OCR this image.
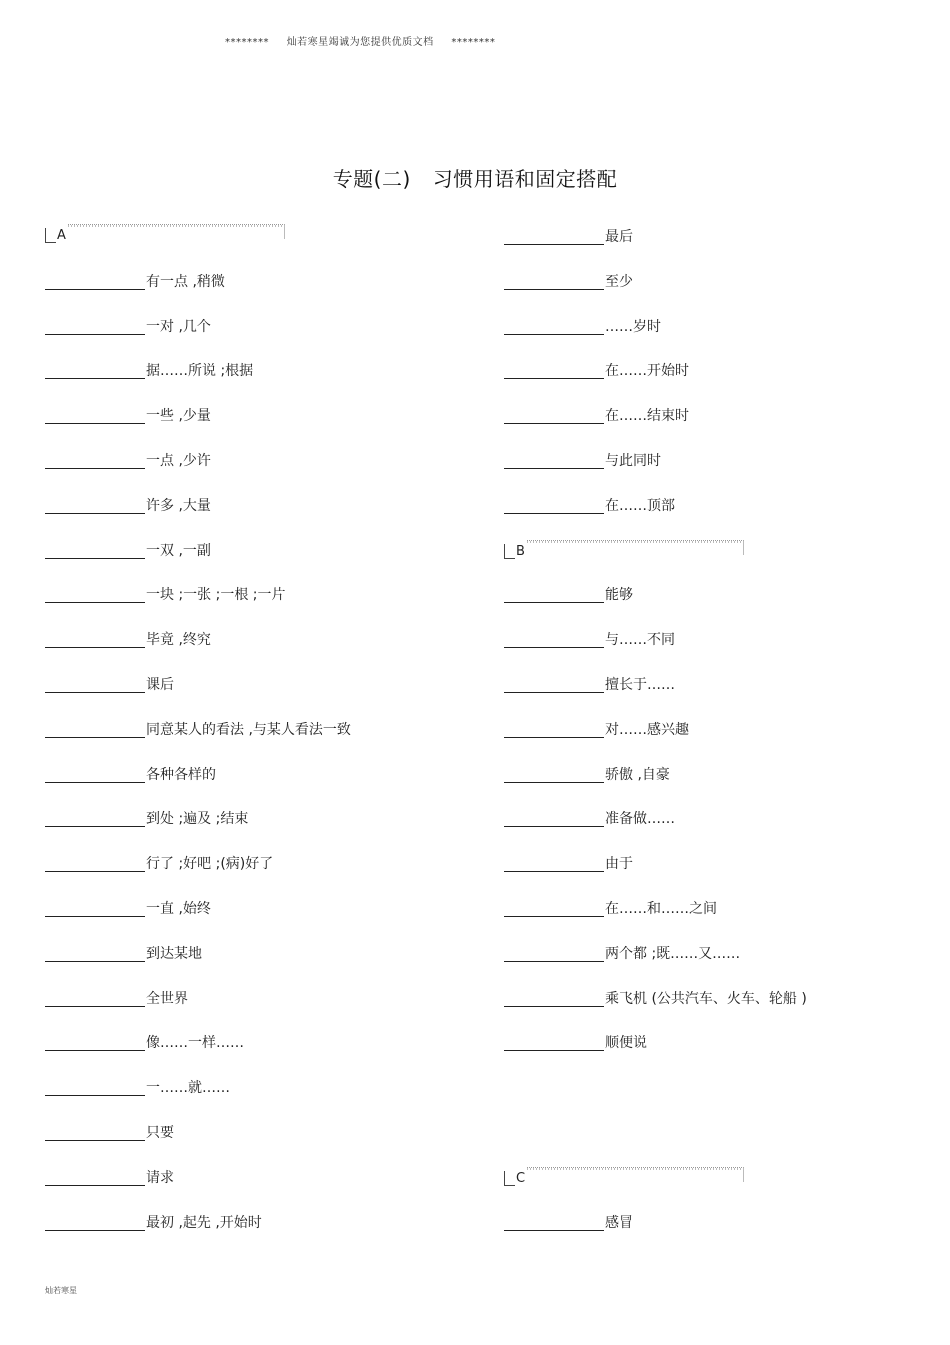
******** 灿若寒星竭诚为您提供优质文档 ********
专题(二) 习惯用语和固定搭配
A
有一点 ,稍微
一对 ,几个
据……所说 ;根据
一些 ,少量
一点 ,少许
许多 ,大量
一双 ,一副
一块 ;一张 ;一根 ;一片
毕竟 ,终究
课后
同意某人的看法 ,与某人看法一致
各种各样的
到处 ;遍及 ;结束
行了 ;好吧 ;(病)好了
一直 ,始终
到达某地
全世界
像……一样……
一……就……
只要
请求
最初 ,起先 ,开始时
最后
至少
……岁时
在……开始时
在……结束时
与此同时
在……顶部
B
能够
与……不同
擅长于……
对……感兴趣
骄傲 ,自豪
准备做……
由于
在……和……之间
两个都 ;既……又……
乘飞机 (公共汽车、火车、轮船 )
顺便说
C
感冒
灿若寒星
